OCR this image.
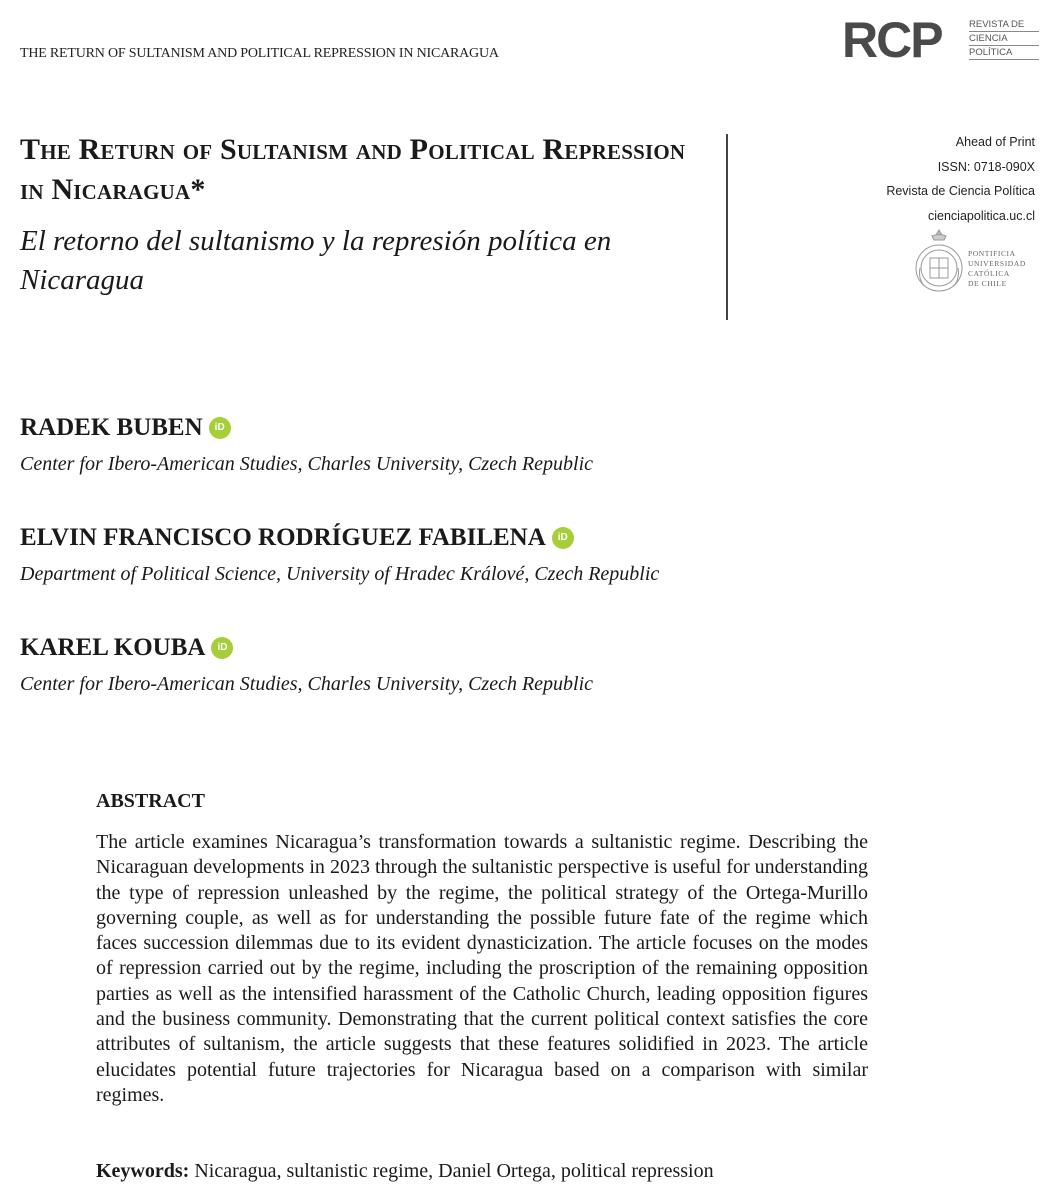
THE RETURN OF SULTANISM AND POLITICAL REPRESSION IN NICARAGUA	RCP	REVISTA DE
CIENCIA
POLÍTICA
The Return of Sultanism and Political Repression in Nicaragua*
El retorno del sultanismo y la represión política en Nicaragua
Ahead of Print
ISSN: 0718-090X
Revista de Ciencia Política
cienciapolitica.uc.cl
PONTIFICIA
UNIVERSIDAD
CATÓLICA
DE CHILE
RADEK BUBEN iD
Center for Ibero-American Studies, Charles University, Czech Republic
ELVIN FRANCISCO RODRÍGUEZ FABILENA iD
Department of Political Science, University of Hradec Králové, Czech Republic
KAREL KOUBA iD
Center for Ibero-American Studies, Charles University, Czech Republic
ABSTRACT
The article examines Nicaragua’s transformation towards a sultanistic regime. Describing the Nicaraguan developments in 2023 through the sultanistic perspective is useful for understanding the type of repression unleashed by the regime, the political strategy of the Ortega-Murillo governing couple, as well as for understanding the possible future fate of the regime which faces succession dilemmas due to its evident dynasticization. The article focuses on the modes of repression carried out by the regime, including the proscription of the remaining opposition parties as well as the intensified harassment of the Catholic Church, leading opposition figures and the business community. Demonstrating that the current political context satisfies the core attributes of sultanism, the article suggests that these features solidified in 2023. The article elucidates potential future trajectories for Nicaragua based on a comparison with similar regimes.
Keywords: Nicaragua, sultanistic regime, Daniel Ortega, political repression
